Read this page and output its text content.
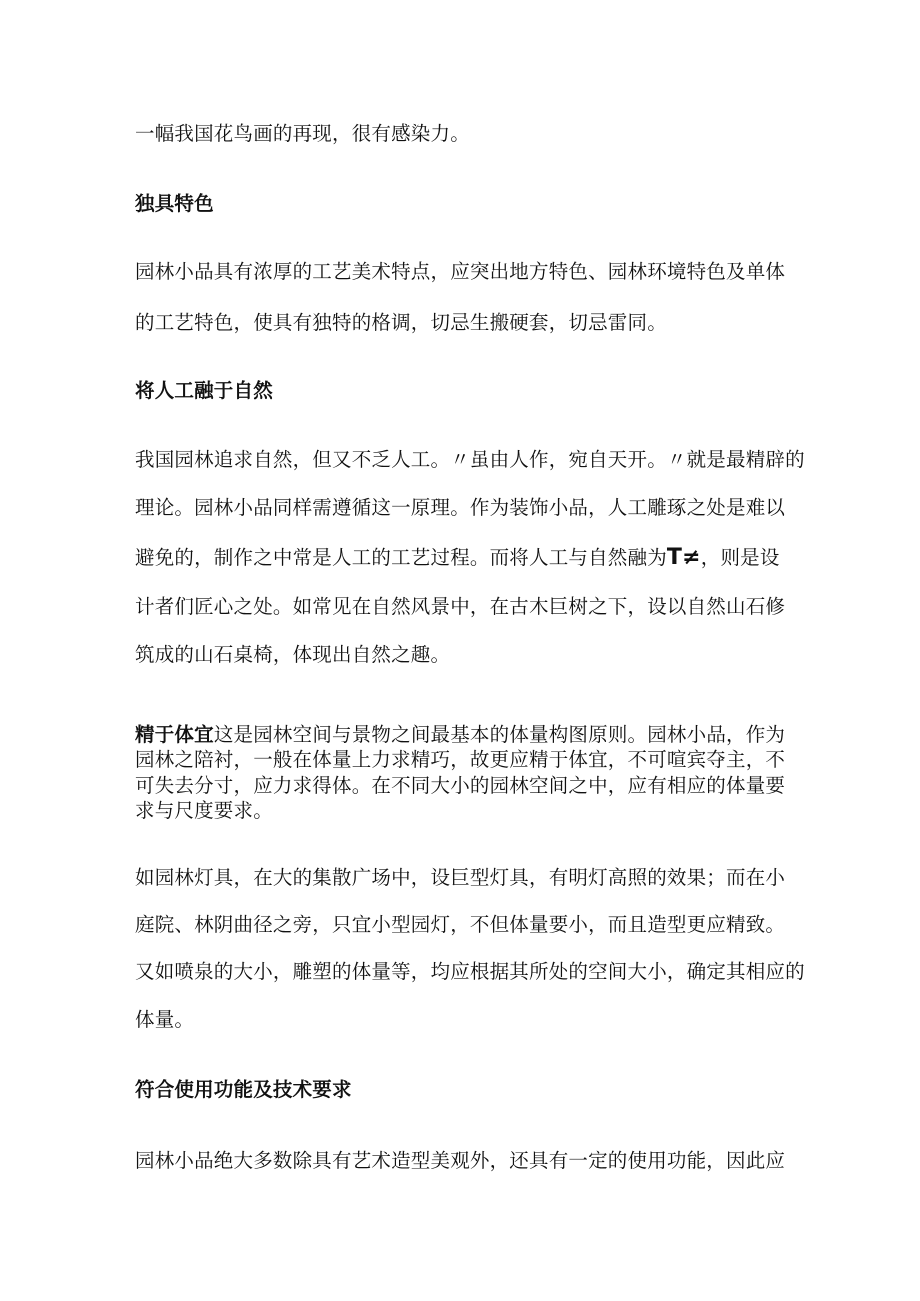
一幅我国花鸟画的再现，很有感染力。
独具特色
园林小品具有浓厚的工艺美术特点，应突出地方特色、园林环境特色及单体
的工艺特色，使具有独特的格调，切忌生搬硬套，切忌雷同。
将人工融于自然
我国园林追求自然，但又不乏人工。〃虽由人作，宛自天开。〃就是最精辟的
理论。园林小品同样需遵循这一原理。作为装饰小品，人工雕琢之处是难以
避免的，制作之中常是人工的工艺过程。而将人工与自然融为T≠，则是设
计者们匠心之处。如常见在自然风景中，在古木巨树之下，设以自然山石修
筑成的山石桌椅，体现出自然之趣。
精于体宜这是园林空间与景物之间最基本的体量构图原则。园林小品，作为
园林之陪衬，一般在体量上力求精巧，故更应精于体宜，不可喧宾夺主，不
可失去分寸，应力求得体。在不同大小的园林空间之中，应有相应的体量要
求与尺度要求。
如园林灯具，在大的集散广场中，设巨型灯具，有明灯高照的效果；而在小
庭院、林阴曲径之旁，只宜小型园灯，不但体量要小，而且造型更应精致。
又如喷泉的大小，雕塑的体量等，均应根据其所处的空间大小，确定其相应的
体量。
符合使用功能及技术要求
园林小品绝大多数除具有艺术造型美观外，还具有一定的使用功能，因此应
